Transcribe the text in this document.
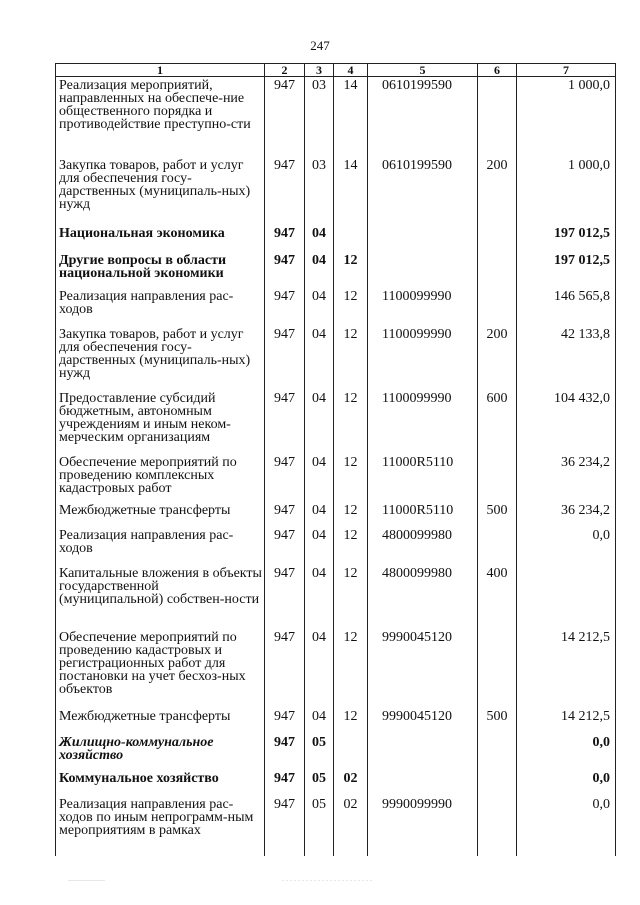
247
1	2	3	4	5	6	7
Реализация мероприятий, направленных на обеспече-ние общественного порядка и противодействие преступно-сти	947	03	14	0610199590		1 000,0
Закупка товаров, работ и услуг для обеспечения госу-дарственных (муниципаль-ных) нужд	947	03	14	0610199590	200	1 000,0
Национальная экономика	947	04				197 012,5
Другие вопросы в области национальной экономики	947	04	12			197 012,5
Реализация направления рас-ходов	947	04	12	1100099990		146 565,8
Закупка товаров, работ и услуг для обеспечения госу-дарственных (муниципаль-ных) нужд	947	04	12	1100099990	200	42 133,8
Предоставление субсидий бюджетным, автономным учреждениям и иным неком-мерческим организациям	947	04	12	1100099990	600	104 432,0
Обеспечение мероприятий по проведению комплексных кадастровых работ	947	04	12	11000R5110		36 234,2
Межбюджетные трансферты	947	04	12	11000R5110	500	36 234,2
Реализация направления рас-ходов	947	04	12	4800099980		0,0
Капитальные вложения в объекты государственной (муниципальной) собствен-ности	947	04	12	4800099980	400	
Обеспечение мероприятий по проведению кадастровых и регистрационных работ для постановки на учет бесхоз-ных объектов	947	04	12	9990045120		14 212,5
Межбюджетные трансферты	947	04	12	9990045120	500	14 212,5
Жилищно-коммунальное хозяйство	947	05				0,0
Коммунальное хозяйство	947	05	02			0,0
Реализация направления рас-ходов по иным непрограмм-ным мероприятиям в рамках	947	05	02	9990099990		0,0
